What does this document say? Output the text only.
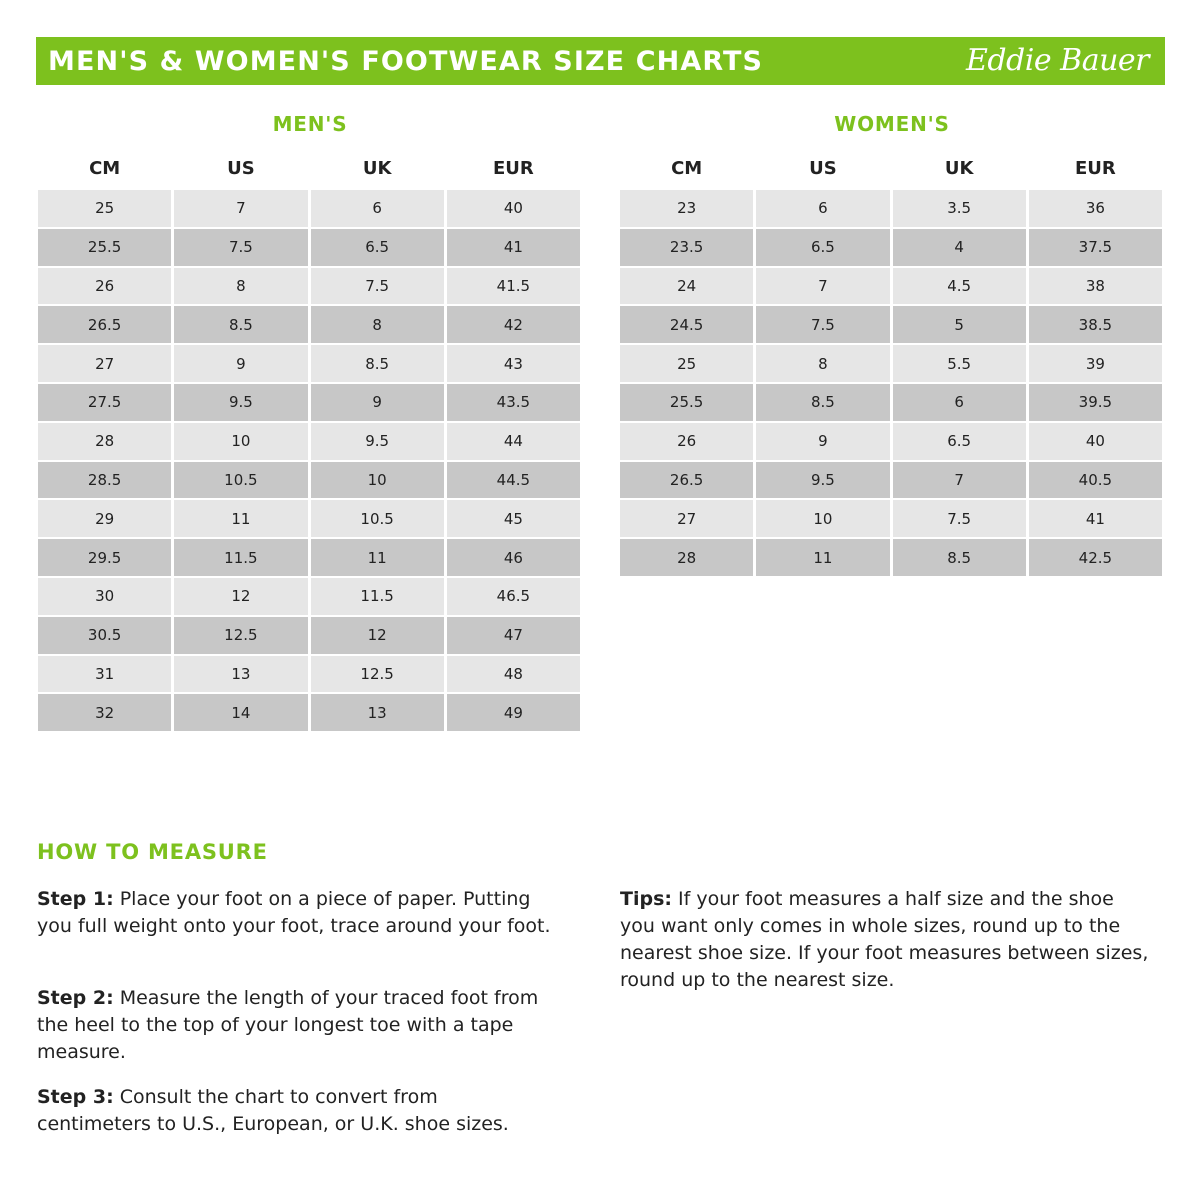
MEN'S & WOMEN'S FOOTWEAR SIZE CHARTS	Eddie Bauer
MEN'S
CM	US	UK	EUR
25	7	6	40
25.5	7.5	6.5	41
26	8	7.5	41.5
26.5	8.5	8	42
27	9	8.5	43
27.5	9.5	9	43.5
28	10	9.5	44
28.5	10.5	10	44.5
29	11	10.5	45
29.5	11.5	11	46
30	12	11.5	46.5
30.5	12.5	12	47
31	13	12.5	48
32	14	13	49
WOMEN'S
CM	US	UK	EUR
23	6	3.5	36
23.5	6.5	4	37.5
24	7	4.5	38
24.5	7.5	5	38.5
25	8	5.5	39
25.5	8.5	6	39.5
26	9	6.5	40
26.5	9.5	7	40.5
27	10	7.5	41
28	11	8.5	42.5
HOW TO MEASURE
Step 1: Place your foot on a piece of paper. Putting you full weight onto your foot, trace around your foot.
Step 2: Measure the length of your traced foot from the heel to the top of your longest toe with a tape measure.
Step 3: Consult the chart to convert from centimeters to U.S., European, or U.K. shoe sizes.
Tips: If your foot measures a half size and the shoe you want only comes in whole sizes, round up to the nearest shoe size. If your foot measures between sizes, round up to the nearest size.
